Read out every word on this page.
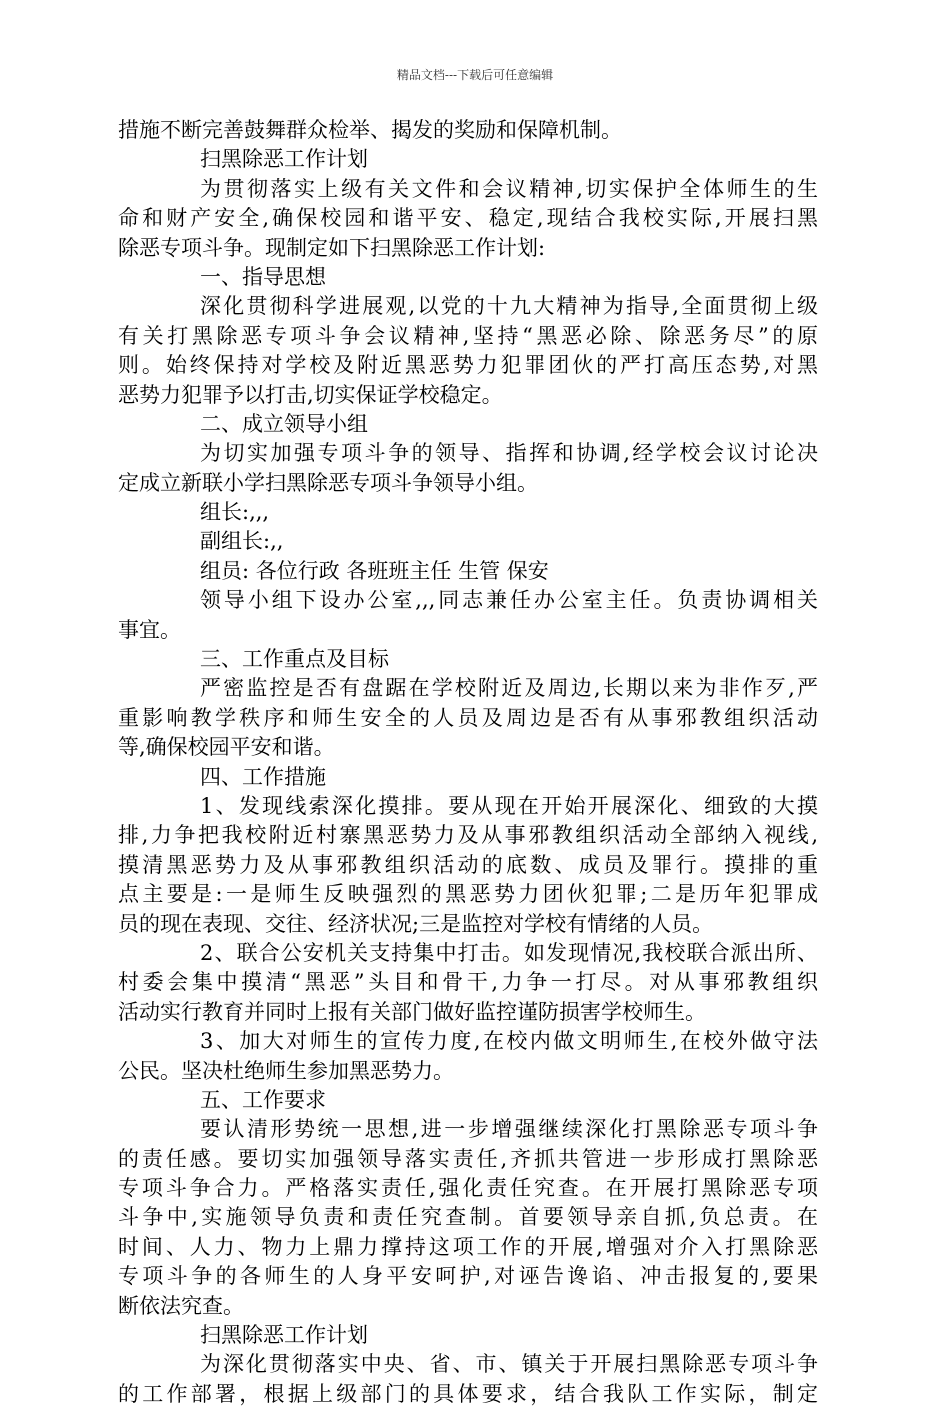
精品文档---下载后可任意编辑
措施不断完善鼓舞群众检举、揭发的奖励和保障机制。
扫黑除恶工作计划
为贯彻落实上级有关文件和会议精神,切实保护全体师生的生
命和财产安全,确保校园和谐平安、稳定,现结合我校实际,开展扫黑
除恶专项斗争。现制定如下扫黑除恶工作计划:
一、指导思想
深化贯彻科学进展观,以党的十九大精神为指导,全面贯彻上级
有关打黑除恶专项斗争会议精神,坚持“黑恶必除、除恶务尽”的原
则。始终保持对学校及附近黑恶势力犯罪团伙的严打高压态势,对黑
恶势力犯罪予以打击,切实保证学校稳定。
二、成立领导小组
为切实加强专项斗争的领导、指挥和协调,经学校会议讨论决
定成立新联小学扫黑除恶专项斗争领导小组。
组长:,,,
副组长:,,
组员: 各位行政 各班班主任 生管 保安
领导小组下设办公室,,,同志兼任办公室主任。负责协调相关
事宜。
三、工作重点及目标
严密监控是否有盘踞在学校附近及周边,长期以来为非作歹,严
重影响教学秩序和师生安全的人员及周边是否有从事邪教组织活动
等,确保校园平安和谐。
四、工作措施
1、发现线索深化摸排。要从现在开始开展深化、细致的大摸
排,力争把我校附近村寨黑恶势力及从事邪教组织活动全部纳入视线,
摸清黑恶势力及从事邪教组织活动的底数、成员及罪行。摸排的重
点主要是:一是师生反映强烈的黑恶势力团伙犯罪;二是历年犯罪成
员的现在表现、交往、经济状况;三是监控对学校有情绪的人员。
2、联合公安机关支持集中打击。如发现情况,我校联合派出所、
村委会集中摸清“黑恶”头目和骨干,力争一打尽。对从事邪教组织
活动实行教育并同时上报有关部门做好监控谨防损害学校师生。
3、加大对师生的宣传力度,在校内做文明师生,在校外做守法
公民。坚决杜绝师生参加黑恶势力。
五、工作要求
要认清形势统一思想,进一步增强继续深化打黑除恶专项斗争
的责任感。要切实加强领导落实责任,齐抓共管进一步形成打黑除恶
专项斗争合力。严格落实责任,强化责任究查。在开展打黑除恶专项
斗争中,实施领导负责和责任究查制。首要领导亲自抓,负总责。在
时间、人力、物力上鼎力撑持这项工作的开展,增强对介入打黑除恶
专项斗争的各师生的人身平安呵护,对诬告谗谄、冲击报复的,要果
断依法究查。
扫黑除恶工作计划
为深化贯彻落实中央、省、市、镇关于开展扫黑除恶专项斗争
的工作部署，根据上级部门的具体要求，结合我队工作实际，制定
